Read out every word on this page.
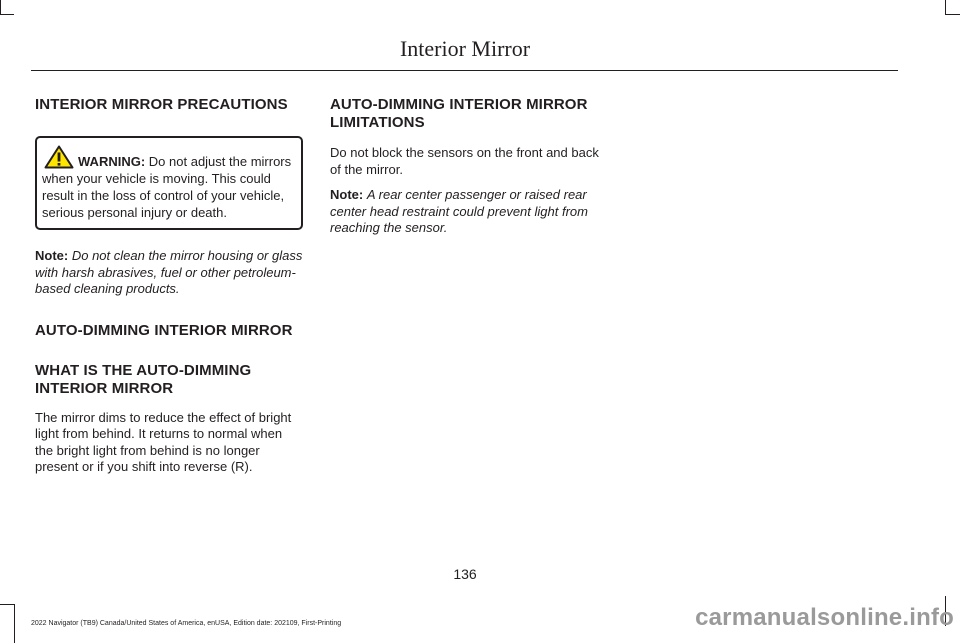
Interior Mirror
INTERIOR MIRROR PRECAUTIONS
WARNING: Do not adjust the mirrors when your vehicle is moving. This could result in the loss of control of your vehicle, serious personal injury or death.

Note: Do not clean the mirror housing or glass with harsh abrasives, fuel or other petroleum-based cleaning products.

AUTO-DIMMING INTERIOR MIRROR
WHAT IS THE AUTO-DIMMING INTERIOR MIRROR

The mirror dims to reduce the effect of bright light from behind. It returns to normal when the bright light from behind is no longer present or if you shift into reverse (R).

AUTO-DIMMING INTERIOR MIRROR LIMITATIONS

Do not block the sensors on the front and back of the mirror.

Note: A rear center passenger or raised rear center head restraint could prevent light from reaching the sensor.

136
2022 Navigator (TB9) Canada/United States of America, enUSA, Edition date: 202109, First-Printing	carmanualsonline.info
